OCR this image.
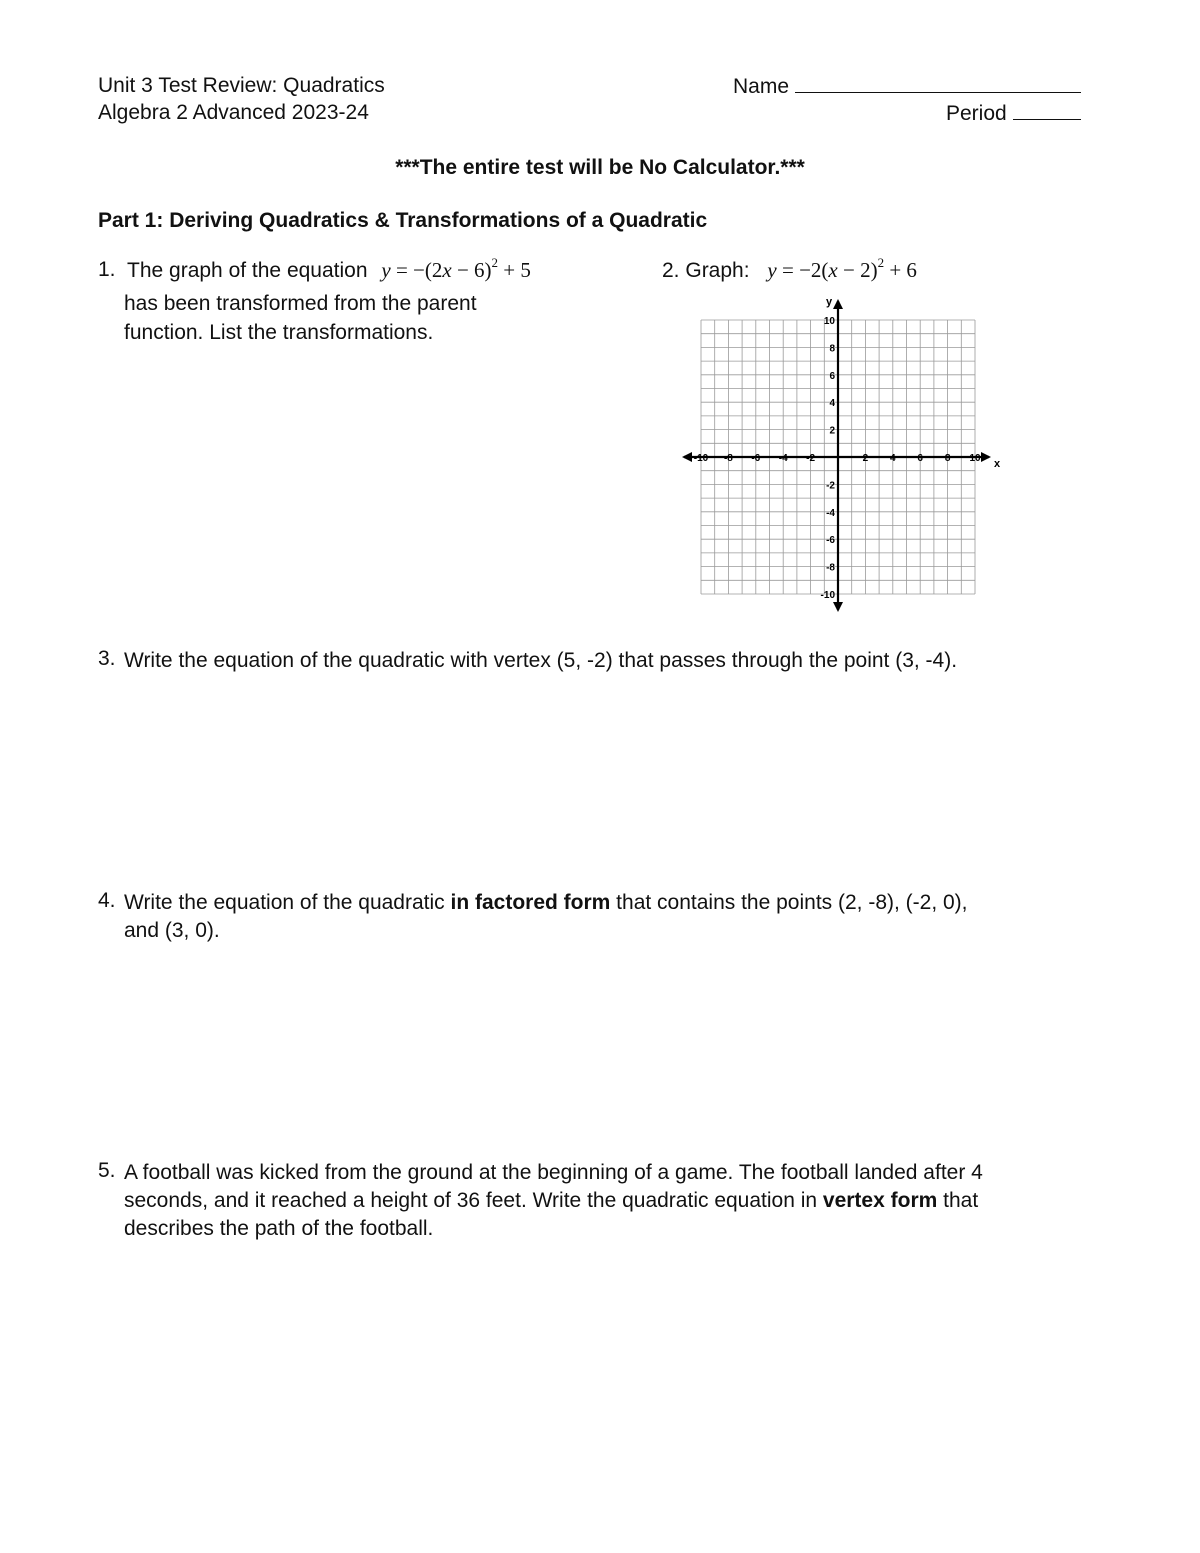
Unit 3 Test Review: Quadratics
Algebra 2 Advanced 2023-24
Name
Period
***The entire test will be No Calculator.***
Part 1: Deriving Quadratics & Transformations of a Quadratic
1. The graph of the equation $y = -(2x - 6)^2 + 5$
has been transformed from the parent
function. List the transformations.
2. Graph: $y = -2(x - 2)^2 + 6$
x
y
-10 -8 -6 -4 -2	2 4 6 8 10
10
8
6
4
2
-2
-4
-6
-8
-10
3. Write the equation of the quadratic with vertex (5, -2) that passes through the point (3, -4).
4. Write the equation of the quadratic in factored form that contains the points (2, -8), (-2, 0),
and (3, 0).
5. A football was kicked from the ground at the beginning of a game. The football landed after 4
seconds, and it reached a height of 36 feet. Write the quadratic equation in vertex form that
describes the path of the football.
